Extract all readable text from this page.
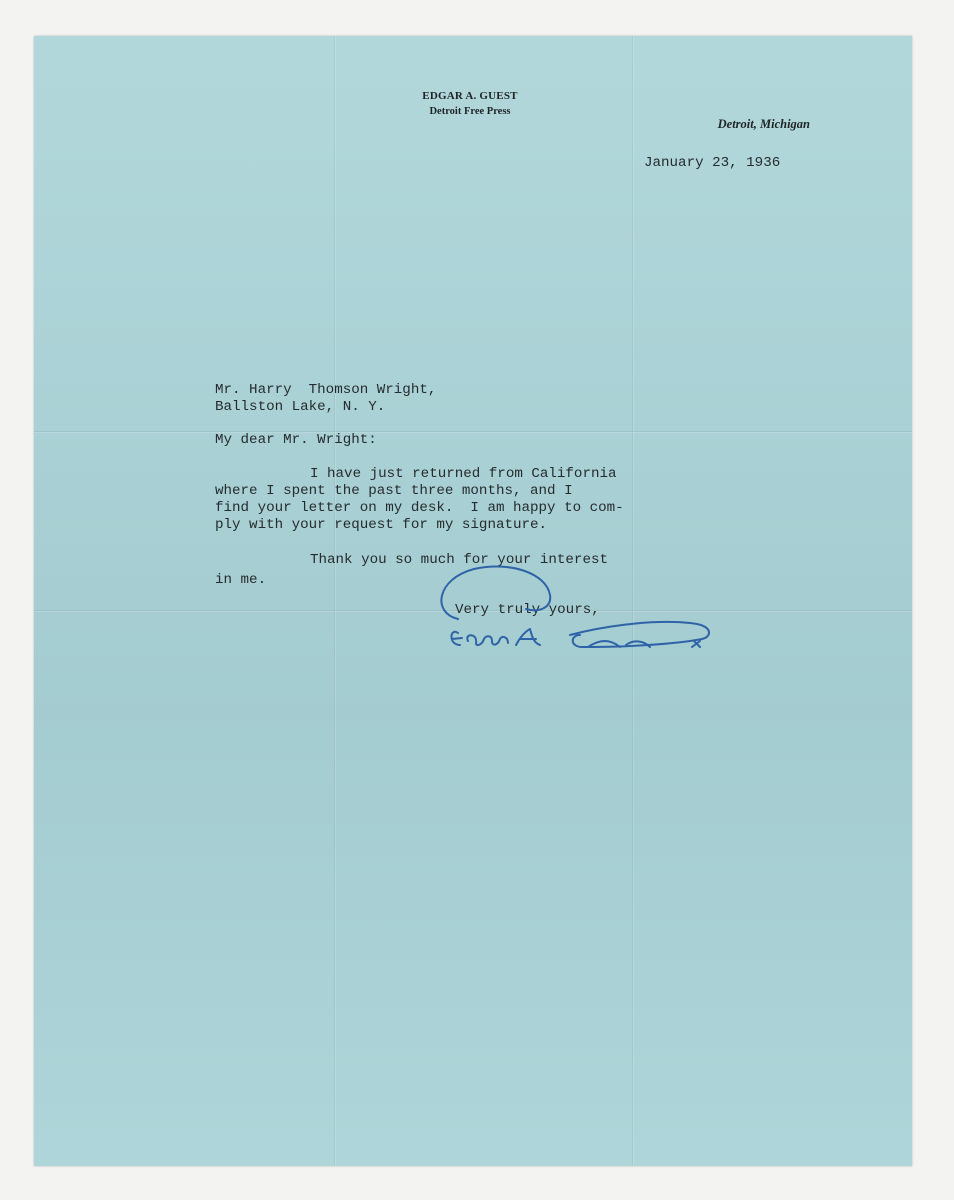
EDGAR A. GUEST
Detroit Free Press
Detroit, Michigan
January 23, 1936
Mr. Harry  Thomson Wright,
Ballston Lake, N. Y.
My dear Mr. Wright:
I have just returned from California
where I spent the past three months, and I
find your letter on my desk.  I am happy to com-
ply with your request for my signature.
Thank you so much for your interest
in me.
Very truly yours,
